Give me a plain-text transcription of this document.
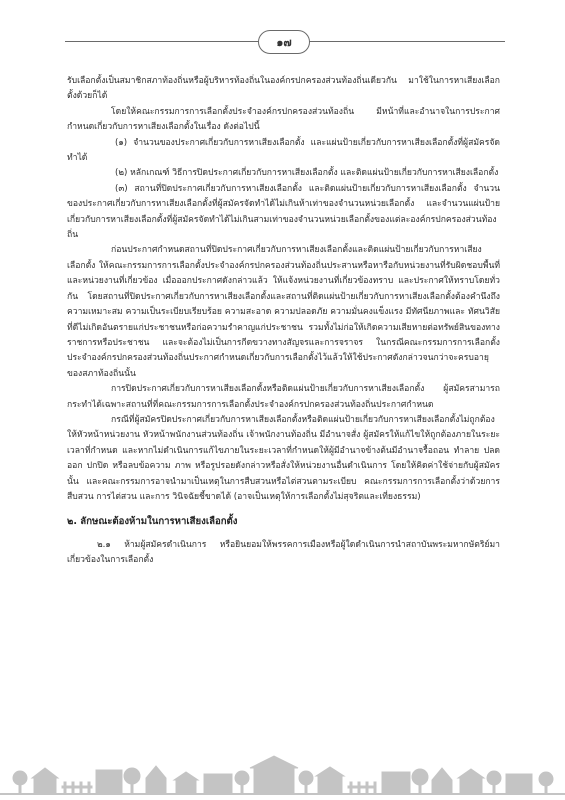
๑๗

รับเลือกตั้งเป็นสมาชิกสภาท้องถิ่นหรือผู้บริหารท้องถิ่นในองค์กรปกครองส่วนท้องถิ่นเดียวกัน มาใช้ในการหาเสียงเลือกตั้งด้วยก็ได้

โดยให้คณะกรรมการการเลือกตั้งประจำองค์กรปกครองส่วนท้องถิ่น มีหน้าที่และอำนาจในการประกาศกำหนดเกี่ยวกับการหาเสียงเลือกตั้งในเรื่อง ดังต่อไปนี้

(๑) จำนวนของประกาศเกี่ยวกับการหาเสียงเลือกตั้ง และแผ่นป้ายเกี่ยวกับการหาเสียงเลือกตั้งที่ผู้สมัครจัดทำได้

(๒) หลักเกณฑ์ วิธีการปิดประกาศเกี่ยวกับการหาเสียงเลือกตั้ง และติดแผ่นป้ายเกี่ยวกับการหาเสียงเลือกตั้ง

(๓) สถานที่ปิดประกาศเกี่ยวกับการหาเสียงเลือกตั้ง และติดแผ่นป้ายเกี่ยวกับการหาเสียงเลือกตั้ง จำนวนของประกาศเกี่ยวกับการหาเสียงเลือกตั้งที่ผู้สมัครจัดทำได้ไม่เกินห้าเท่าของจำนวนหน่วยเลือกตั้ง และจำนวนแผ่นป้ายเกี่ยวกับการหาเสียงเลือกตั้งที่ผู้สมัครจัดทำได้ไม่เกินสามเท่าของจำนวนหน่วยเลือกตั้งของแต่ละองค์กรปกครองส่วนท้องถิ่น

ก่อนประกาศกำหนดสถานที่ปิดประกาศเกี่ยวกับการหาเสียงเลือกตั้งและติดแผ่นป้ายเกี่ยวกับการหาเสียงเลือกตั้ง ให้คณะกรรมการการเลือกตั้งประจำองค์กรปกครองส่วนท้องถิ่นประสานหรือหารือกับหน่วยงานที่รับผิดชอบพื้นที่และหน่วยงานที่เกี่ยวข้อง เมื่อออกประกาศดังกล่าวแล้ว ให้แจ้งหน่วยงานที่เกี่ยวข้องทราบ และประกาศให้ทราบโดยทั่วกัน โดยสถานที่ปิดประกาศเกี่ยวกับการหาเสียงเลือกตั้งและสถานที่ติดแผ่นป้ายเกี่ยวกับการหาเสียงเลือกตั้งต้องคำนึงถึงความเหมาะสม ความเป็นระเบียบเรียบร้อย ความสะอาด ความปลอดภัย ความมั่นคงแข็งแรง มีทัศนียภาพและ ทัศนวิสัยที่ดีไม่เกิดอันตรายแก่ประชาชนหรือก่อความรำคาญแก่ประชาชน รวมทั้งไม่ก่อให้เกิดความเสียหายต่อทรัพย์สินของทางราชการหรือประชาชน และจะต้องไม่เป็นการกีดขวางทางสัญจรและการจราจร ในกรณีคณะกรรมการการเลือกตั้งประจำองค์กรปกครองส่วนท้องถิ่นประกาศกำหนดเกี่ยวกับการเลือกตั้งไว้แล้วให้ใช้ประกาศดังกล่าวจนกว่าจะครบอายุของสภาท้องถิ่นนั้น

การปิดประกาศเกี่ยวกับการหาเสียงเลือกตั้งหรือติดแผ่นป้ายเกี่ยวกับการหาเสียงเลือกตั้ง ผู้สมัครสามารถกระทำได้เฉพาะสถานที่ที่คณะกรรมการการเลือกตั้งประจำองค์กรปกครองส่วนท้องถิ่นประกาศกำหนด

กรณีที่ผู้สมัครปิดประกาศเกี่ยวกับการหาเสียงเลือกตั้งหรือติดแผ่นป้ายเกี่ยวกับการหาเสียงเลือกตั้งไม่ถูกต้อง ให้หัวหน้าหน่วยงาน หัวหน้าพนักงานส่วนท้องถิ่น เจ้าพนักงานท้องถิ่น มีอำนาจสั่ง ผู้สมัครให้แก้ไขให้ถูกต้องภายในระยะเวลาที่กำหนด และหากไม่ดำเนินการแก้ไขภายในระยะเวลาที่กำหนดให้ผู้มีอำนาจข้างต้นมีอำนาจรื้อถอน ทำลาย ปลดออก ปกปิด หรือลบข้อความ ภาพ หรือรูปรอยดังกล่าวหรือสั่งให้หน่วยงานอื่นดำเนินการ โดยให้คิดค่าใช้จ่ายกับผู้สมัครนั้น และคณะกรรมการอาจนำมาเป็นเหตุในการสืบสวนหรือไต่สวนตามระเบียบ คณะกรรมการการเลือกตั้งว่าด้วยการสืบสวน การไต่สวน และการ วินิจฉัยชี้ขาดได้ (อาจเป็นเหตุให้การเลือกตั้งไม่สุจริตและเที่ยงธรรม)

๒. ลักษณะต้องห้ามในการหาเสียงเลือกตั้ง

๒.๑ ห้ามผู้สมัครดำเนินการ หรือยินยอมให้พรรคการเมืองหรือผู้ใดดำเนินการนำสถาบันพระมหากษัตริย์มาเกี่ยวข้องในการเลือกตั้ง
